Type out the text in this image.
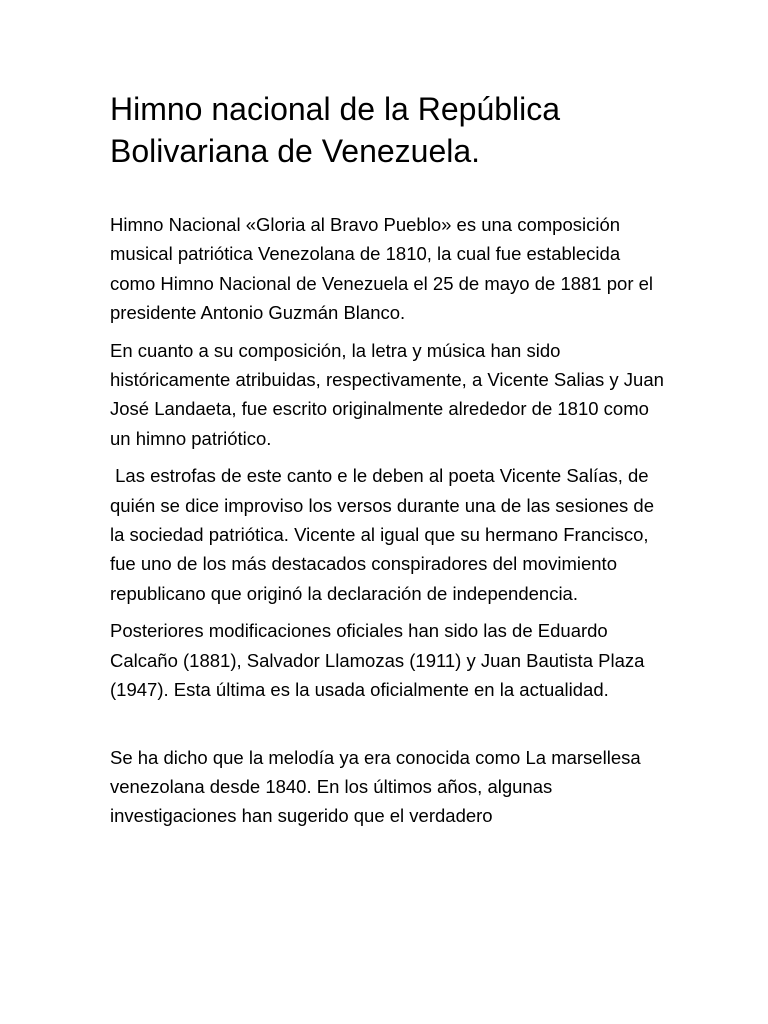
Himno nacional de la República
Bolivariana de Venezuela.

Himno Nacional «Gloria al Bravo Pueblo» es una composición musical patriótica Venezolana de 1810, la cual fue establecida como Himno Nacional de Venezuela el 25 de mayo de 1881 por el presidente Antonio Guzmán Blanco.

En cuanto a su composición, la letra y música han sido históricamente atribuidas, respectivamente, a Vicente Salias y Juan José Landaeta, fue escrito originalmente alrededor de 1810 como un himno patriótico.

Las estrofas de este canto e le deben al poeta Vicente Salías, de quién se dice improviso los versos durante una de las sesiones de la sociedad patriótica. Vicente al igual que su hermano Francisco, fue uno de los más destacados conspiradores del movimiento republicano que originó la declaración de independencia.

Posteriores modificaciones oficiales han sido las de Eduardo Calcaño (1881), Salvador Llamozas (1911) y Juan Bautista Plaza (1947). Esta última es la usada oficialmente en la actualidad.

Se ha dicho que la melodía ya era conocida como La marsellesa venezolana desde 1840. En los últimos años, algunas investigaciones han sugerido que el verdadero
